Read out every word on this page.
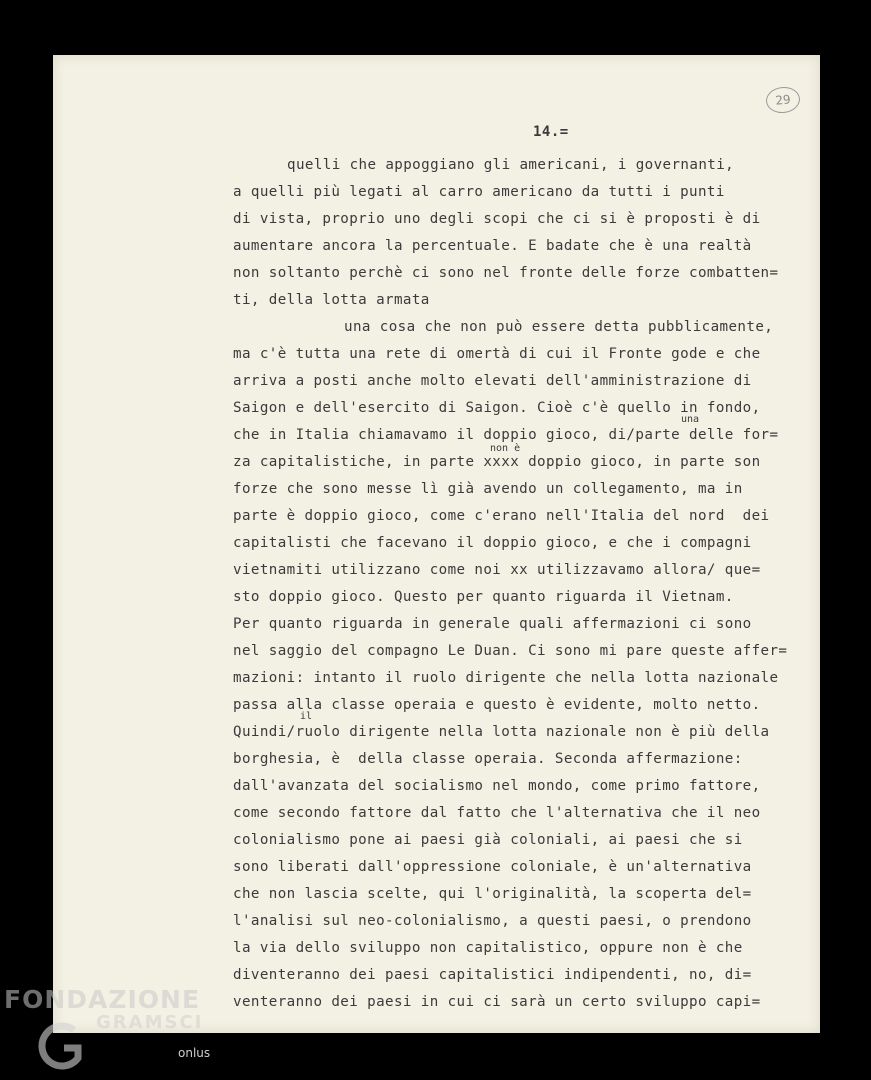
29
14.=
quelli che appoggiano gli americani, i governanti,
a quelli più legati al carro americano da tutti i punti
di vista, proprio uno degli scopi che ci si è proposti è di
aumentare ancora la percentuale. E badate che è una realtà
non soltanto perchè ci sono nel fronte delle forze combatten=
ti, della lotta armata
una cosa che non può essere detta pubblicamente,
ma c'è tutta una rete di omertà di cui il Fronte gode e che
arriva a posti anche molto elevati dell'amministrazione di
Saigon e dell'esercito di Saigon. Cioè c'è quello in fondo,
una
che in Italia chiamavamo il doppio gioco, di/parte delle for=
non è
za capitalistiche, in parte xxxx doppio gioco, in parte son
forze che sono messe lì già avendo un collegamento, ma in
parte è doppio gioco, come c'erano nell'Italia del nord  dei
capitalisti che facevano il doppio gioco, e che i compagni
vietnamiti utilizzano come noi xx utilizzavamo allora/ que=
sto doppio gioco. Questo per quanto riguarda il Vietnam.
Per quanto riguarda in generale quali affermazioni ci sono
nel saggio del compagno Le Duan. Ci sono mi pare queste affer=
mazioni: intanto il ruolo dirigente che nella lotta nazionale
passa alla classe operaia e questo è evidente, molto netto.
il
Quindi/ruolo dirigente nella lotta nazionale non è più della
borghesia, è  della classe operaia. Seconda affermazione:
dall'avanzata del socialismo nel mondo, come primo fattore,
come secondo fattore dal fatto che l'alternativa che il neo
colonialismo pone ai paesi già coloniali, ai paesi che si
sono liberati dall'oppressione coloniale, è un'alternativa
che non lascia scelte, qui l'originalità, la scoperta del=
l'analisi sul neo-colonialismo, a questi paesi, o prendono
la via dello sviluppo non capitalistico, oppure non è che
diventeranno dei paesi capitalistici indipendenti, no, di=
venteranno dei paesi in cui ci sarà un certo sviluppo capi=
FONDAZIONE
GRAMSCI
onlus
